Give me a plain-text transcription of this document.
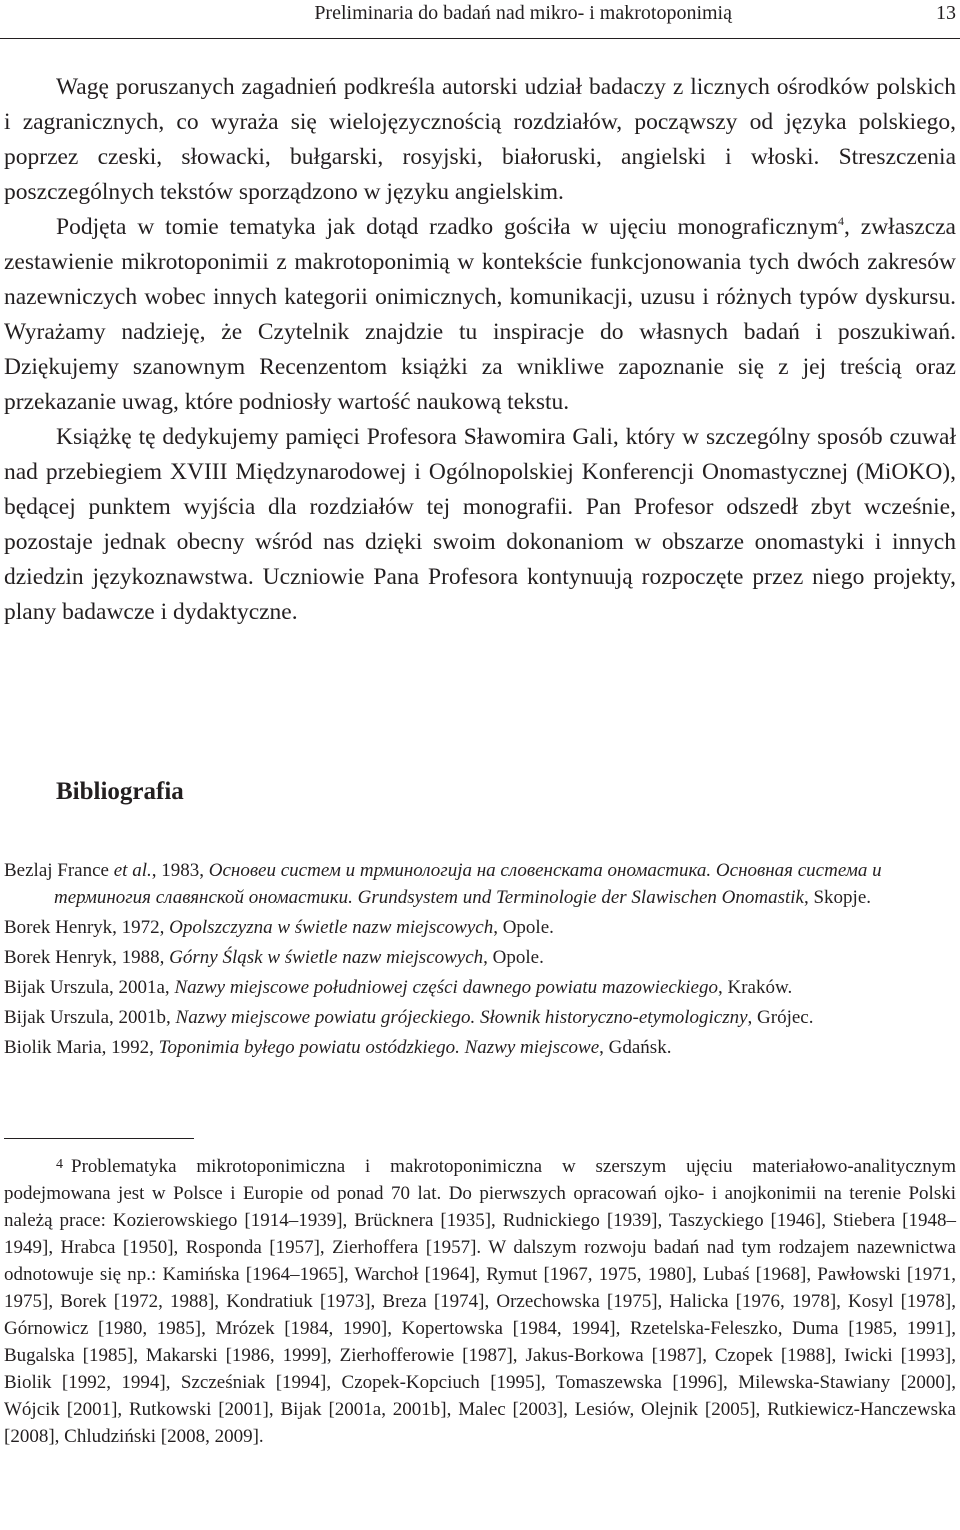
Preliminaria do badań nad mikro- i makrotoponimią	13

Wagę poruszanych zagadnień podkreśla autorski udział badaczy z licznych ośrodków polskich i zagranicznych, co wyraża się wielojęzycznością rozdziałów, począwszy od języka polskiego, poprzez czeski, słowacki, bułgarski, rosyjski, białoruski, angielski i włoski. Streszczenia poszczególnych tekstów sporządzono w języku angielskim.

Podjęta w tomie tematyka jak dotąd rzadko gościła w ujęciu monograficznym$^4$, zwłaszcza zestawienie mikrotoponimii z makrotoponimią w kontekście funkcjonowania tych dwóch zakresów nazewniczych wobec innych kategorii onimicznych, komunikacji, uzusu i różnych typów dyskursu. Wyrażamy nadzieję, że Czytelnik znajdzie tu inspiracje do własnych badań i poszukiwań. Dziękujemy szanownym Recenzentom książki za wnikliwe zapoznanie się z jej treścią oraz przekazanie uwag, które podniosły wartość naukową tekstu.

Książkę tę dedykujemy pamięci Profesora Sławomira Gali, który w szczególny sposób czuwał nad przebiegiem XVIII Międzynarodowej i Ogólnopolskiej Konferencji Onomastycznej (MiOKO), będącej punktem wyjścia dla rozdziałów tej monografii. Pan Profesor odszedł zbyt wcześnie, pozostaje jednak obecny wśród nas dzięki swoim dokonaniom w obszarze onomastyki i innych dziedzin językoznawstwa. Uczniowie Pana Profesora kontynuują rozpoczęte przez niego projekty, plany badawcze i dydaktyczne.

Bibliografia

Bezlaj France et al., 1983, Основеи систем и трминологија на словенската ономастика. Основная система и терминогия славянской ономастики. Grundsystem und Terminologie der Slawischen Onomastik, Skopje.

Borek Henryk, 1972, Opolszczyzna w świetle nazw miejscowych, Opole.

Borek Henryk, 1988, Górny Śląsk w świetle nazw miejscowych, Opole.

Bijak Urszula, 2001a, Nazwy miejscowe południowej części dawnego powiatu mazowieckiego, Kraków.

Bijak Urszula, 2001b, Nazwy miejscowe powiatu grójeckiego. Słownik historyczno-etymologiczny, Grójec.

Biolik Maria, 1992, Toponimia byłego powiatu ostódzkiego. Nazwy miejscowe, Gdańsk.

$^4$ Problematyka mikrotoponimiczna i makrotoponimiczna w szerszym ujęciu materiałowo-analitycznym podejmowana jest w Polsce i Europie od ponad 70 lat. Do pierwszych opracowań ojko- i anojkonimii na terenie Polski należą prace: Kozierowskiego [1914–1939], Brücknera [1935], Rudnickiego [1939], Taszyckiego [1946], Stiebera [1948–1949], Hrabca [1950], Rosponda [1957], Zierhoffera [1957]. W dalszym rozwoju badań nad tym rodzajem nazewnictwa odnotowuje się np.: Kamińska [1964–1965], Warchoł [1964], Rymut [1967, 1975, 1980], Lubaś [1968], Pawłowski [1971, 1975], Borek [1972, 1988], Kondratiuk [1973], Breza [1974], Orzechowska [1975], Halicka [1976, 1978], Kosyl [1978], Górnowicz [1980, 1985], Mrózek [1984, 1990], Kopertowska [1984, 1994], Rzetelska-Feleszko, Duma [1985, 1991], Bugalska [1985], Makarski [1986, 1999], Zierhofferowie [1987], Jakus-Borkowa [1987], Czopek [1988], Iwicki [1993], Biolik [1992, 1994], Szcześniak [1994], Czopek-Kopciuch [1995], Tomaszewska [1996], Milewska-Stawiany [2000], Wójcik [2001], Rutkowski [2001], Bijak [2001a, 2001b], Malec [2003], Lesiów, Olejnik [2005], Rutkiewicz-Hanczewska [2008], Chludziński [2008, 2009].
